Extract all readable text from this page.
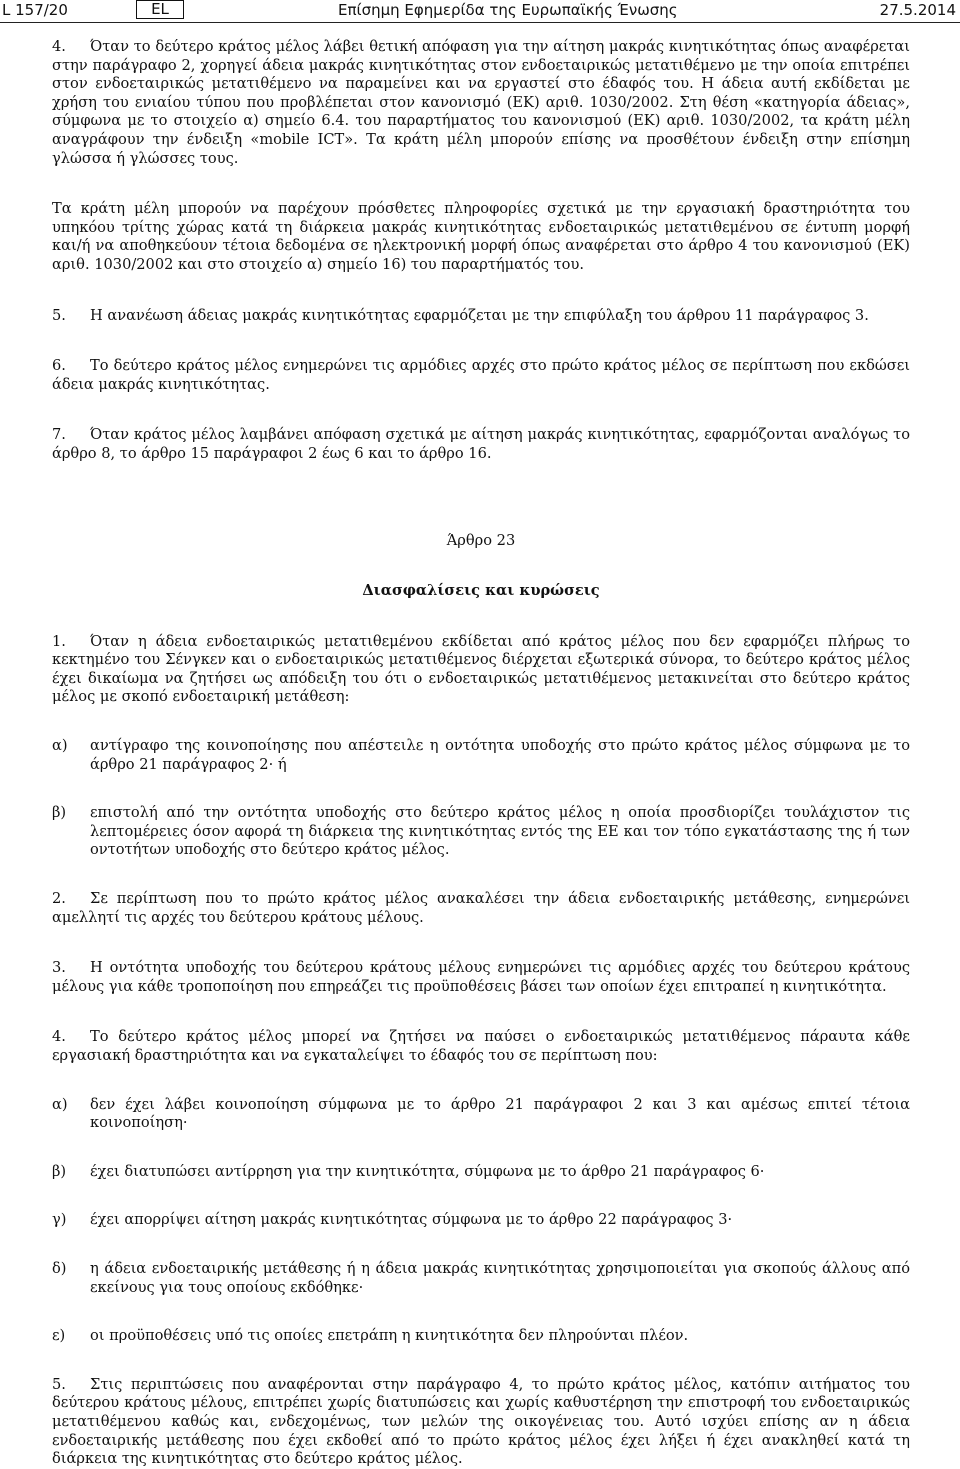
L 157/20	EL	Επίσημη Εφημερίδα της Ευρωπαϊκής Ένωσης	27.5.2014

4. Όταν το δεύτερο κράτος μέλος λάβει θετική απόφαση για την αίτηση μακράς κινητικότητας όπως αναφέρεται στην παράγραφο 2, χορηγεί άδεια μακράς κινητικότητας στον ενδοεταιρικώς μετατιθέμενο με την οποία επιτρέπει στον ενδοεταιρικώς μετατιθέμενο να παραμείνει και να εργαστεί στο έδαφός του. Η άδεια αυτή εκδίδεται με χρήση του ενιαίου τύπου που προβλέπεται στον κανονισμό (ΕΚ) αριθ. 1030/2002. Στη θέση «κατηγορία άδειας», σύμφωνα με το στοιχείο α) σημείο 6.4. του παραρτήματος του κανονισμού (ΕΚ) αριθ. 1030/2002, τα κράτη μέλη αναγράφουν την ένδειξη «mobile ICT». Τα κράτη μέλη μπορούν επίσης να προσθέτουν ένδειξη στην επίσημη γλώσσα ή γλώσσες τους.

Τα κράτη μέλη μπορούν να παρέχουν πρόσθετες πληροφορίες σχετικά με την εργασιακή δραστηριότητα του υπηκόου τρίτης χώρας κατά τη διάρκεια μακράς κινητικότητας ενδοεταιρικώς μετατιθεμένου σε έντυπη μορφή και/ή να αποθηκεύουν τέτοια δεδομένα σε ηλεκτρονική μορφή όπως αναφέρεται στο άρθρο 4 του κανονισμού (ΕΚ) αριθ. 1030/2002 και στο στοιχείο α) σημείο 16) του παραρτήματός του.

5. Η ανανέωση άδειας μακράς κινητικότητας εφαρμόζεται με την επιφύλαξη του άρθρου 11 παράγραφος 3.

6. Το δεύτερο κράτος μέλος ενημερώνει τις αρμόδιες αρχές στο πρώτο κράτος μέλος σε περίπτωση που εκδώσει άδεια μακράς κινητικότητας.

7. Όταν κράτος μέλος λαμβάνει απόφαση σχετικά με αίτηση μακράς κινητικότητας, εφαρμόζονται αναλόγως το άρθρο 8, το άρθρο 15 παράγραφοι 2 έως 6 και το άρθρο 16.

Άρθρο 23

Διασφαλίσεις και κυρώσεις

1. Όταν η άδεια ενδοεταιρικώς μετατιθεμένου εκδίδεται από κράτος μέλος που δεν εφαρμόζει πλήρως το κεκτημένο του Σένγκεν και ο ενδοεταιρικώς μετατιθέμενος διέρχεται εξωτερικά σύνορα, το δεύτερο κράτος μέλος έχει δικαίωμα να ζητήσει ως απόδειξη του ότι ο ενδοεταιρικώς μετατιθέμενος μετακινείται στο δεύτερο κράτος μέλος με σκοπό ενδοεταιρική μετάθεση:

α)	αντίγραφο της κοινοποίησης που απέστειλε η οντότητα υποδοχής στο πρώτο κράτος μέλος σύμφωνα με το άρθρο 21 παράγραφος 2· ή
β)	επιστολή από την οντότητα υποδοχής στο δεύτερο κράτος μέλος η οποία προσδιορίζει τουλάχιστον τις λεπτομέρειες όσον αφορά τη διάρκεια της κινητικότητας εντός της ΕΕ και τον τόπο εγκατάστασης της ή των οντοτήτων υποδοχής στο δεύτερο κράτος μέλος.

2. Σε περίπτωση που το πρώτο κράτος μέλος ανακαλέσει την άδεια ενδοεταιρικής μετάθεσης, ενημερώνει αμελλητί τις αρχές του δεύτερου κράτους μέλους.

3. Η οντότητα υποδοχής του δεύτερου κράτους μέλους ενημερώνει τις αρμόδιες αρχές του δεύτερου κράτους μέλους για κάθε τροποποίηση που επηρεάζει τις προϋποθέσεις βάσει των οποίων έχει επιτραπεί η κινητικότητα.

4. Το δεύτερο κράτος μέλος μπορεί να ζητήσει να παύσει ο ενδοεταιρικώς μετατιθέμενος πάραυτα κάθε εργασιακή δραστηριότητα και να εγκαταλείψει το έδαφός του σε περίπτωση που:

α)	δεν έχει λάβει κοινοποίηση σύμφωνα με το άρθρο 21 παράγραφοι 2 και 3 και αμέσως επιτεί τέτοια κοινοποίηση·
β)	έχει διατυπώσει αντίρρηση για την κινητικότητα, σύμφωνα με το άρθρο 21 παράγραφος 6·
γ)	έχει απορρίψει αίτηση μακράς κινητικότητας σύμφωνα με το άρθρο 22 παράγραφος 3·
δ)	η άδεια ενδοεταιρικής μετάθεσης ή η άδεια μακράς κινητικότητας χρησιμοποιείται για σκοπούς άλλους από εκείνους για τους οποίους εκδόθηκε·
ε)	οι προϋποθέσεις υπό τις οποίες επετράπη η κινητικότητα δεν πληρούνται πλέον.

5. Στις περιπτώσεις που αναφέρονται στην παράγραφο 4, το πρώτο κράτος μέλος, κατόπιν αιτήματος του δεύτερου κράτους μέλους, επιτρέπει χωρίς διατυπώσεις και χωρίς καθυστέρηση την επιστροφή του ενδοεταιρικώς μετατιθέμενου καθώς και, ενδεχομένως, των μελών της οικογένειας του. Αυτό ισχύει επίσης αν η άδεια ενδοεταιρικής μετάθεσης που έχει εκδοθεί από το πρώτο κράτος μέλος έχει λήξει ή έχει ανακληθεί κατά τη διάρκεια της κινητικότητας στο δεύτερο κράτος μέλος.
